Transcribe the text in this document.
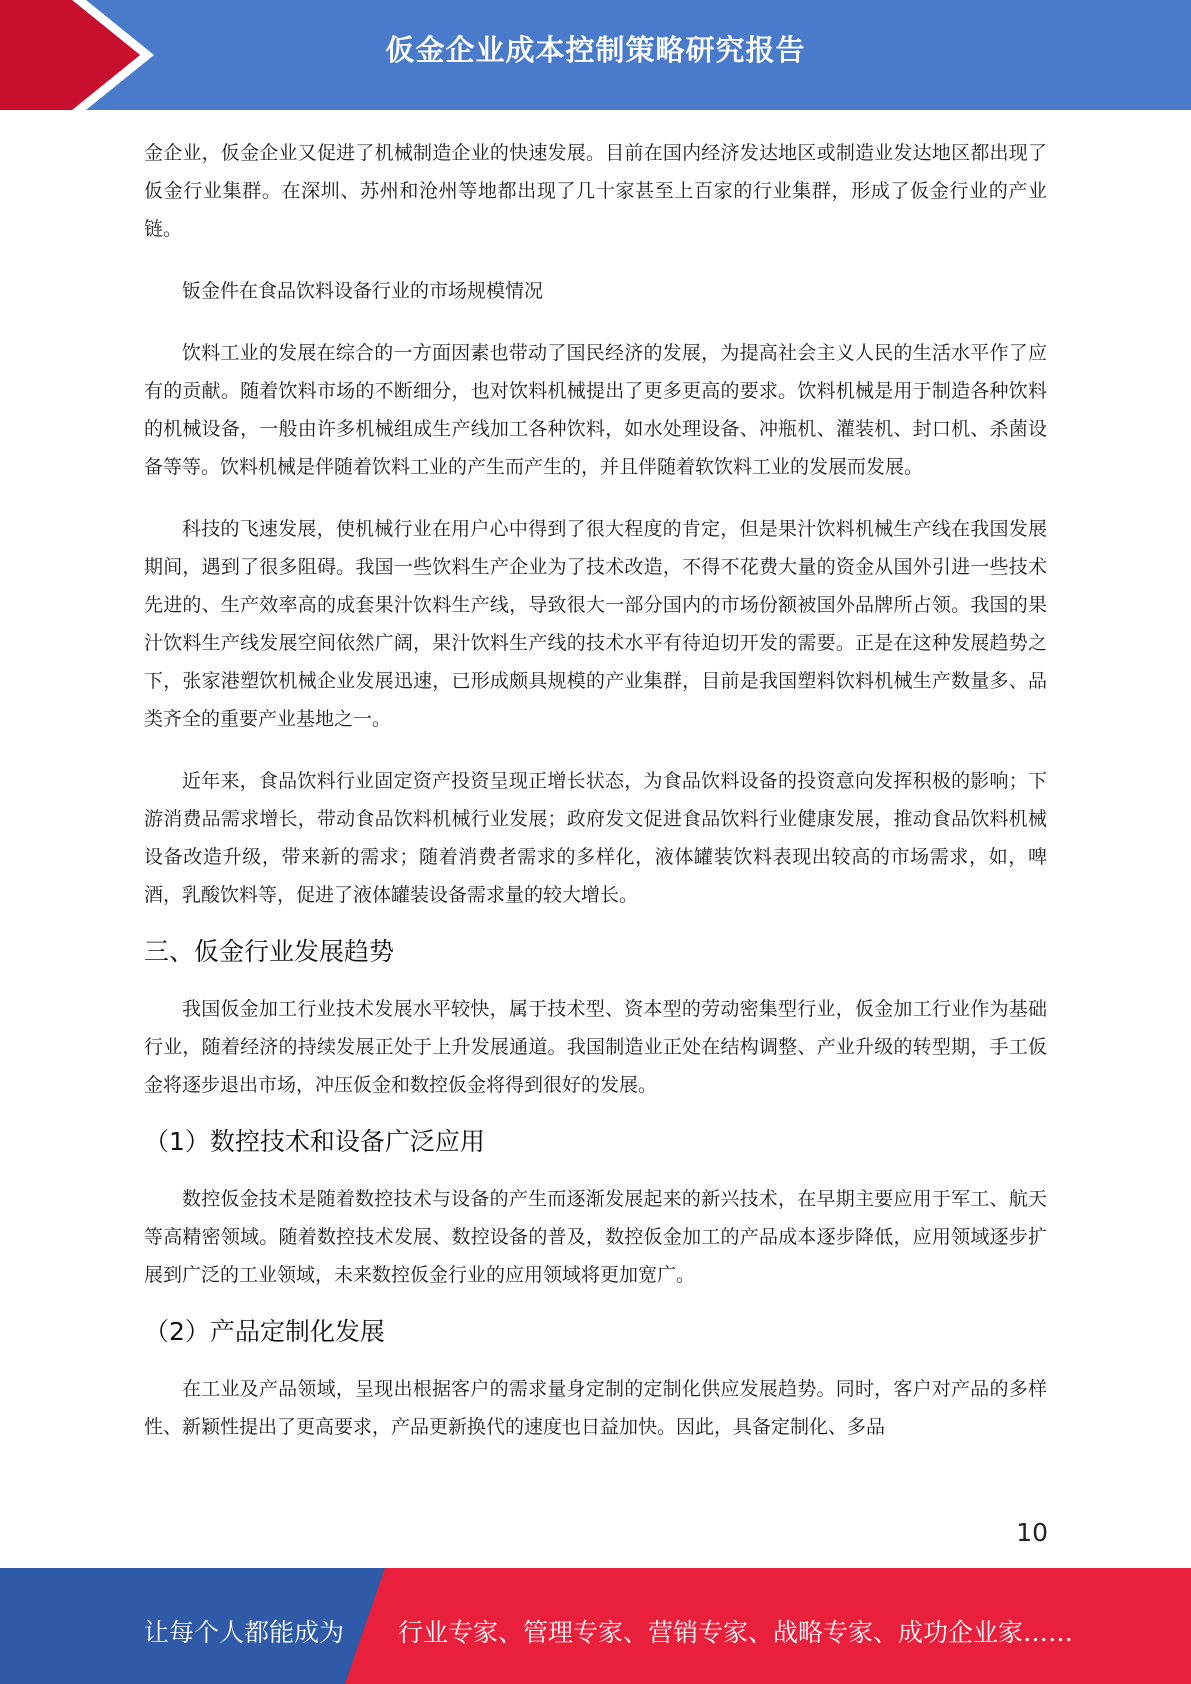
仮金企业成本控制策略研究报告

金企业，仮金企业又促进了机械制造企业的快速发展。目前在国内经济发达地区或制造业发达地区都出现了仮金行业集群。在深圳、苏州和沧州等地都出现了几十家甚至上百家的行业集群，形成了仮金行业的产业链。

钣金件在食品饮料设备行业的市场规模情况

饮料工业的发展在综合的一方面因素也带动了国民经济的发展，为提高社会主义人民的生活水平作了应有的贡献。随着饮料市场的不断细分，也对饮料机械提出了更多更高的要求。饮料机械是用于制造各种饮料的机械设备，一般由许多机械组成生产线加工各种饮料，如水处理设备、冲瓶机、灌装机、封口机、杀菌设备等等。饮料机械是伴随着饮料工业的产生而产生的，并且伴随着软饮料工业的发展而发展。

科技的飞速发展，使机械行业在用户心中得到了很大程度的肯定，但是果汁饮料机械生产线在我国发展期间，遇到了很多阻碍。我国一些饮料生产企业为了技术改造，不得不花费大量的资金从国外引进一些技术先进的、生产效率高的成套果汁饮料生产线，导致很大一部分国内的市场份额被国外品牌所占领。我国的果汁饮料生产线发展空间依然广阔，果汁饮料生产线的技术水平有待迫切开发的需要。正是在这种发展趋势之下，张家港塑饮机械企业发展迅速，已形成颇具规模的产业集群，目前是我国塑料饮料机械生产数量多、品类齐全的重要产业基地之一。

近年来，食品饮料行业固定资产投资呈现正增长状态，为食品饮料设备的投资意向发挥积极的影响；下游消费品需求增长，带动食品饮料机械行业发展；政府发文促进食品饮料行业健康发展，推动食品饮料机械设备改造升级，带来新的需求；随着消费者需求的多样化，液体罐装饮料表现出较高的市场需求，如，啤酒，乳酸饮料等，促进了液体罐装设备需求量的较大增长。

三、仮金行业发展趋势

我国仮金加工行业技术发展水平较快，属于技术型、资本型的劳动密集型行业，仮金加工行业作为基础行业，随着经济的持续发展正处于上升发展通道。我国制造业正处在结构调整、产业升级的转型期，手工仮金将逐步退出市场，冲压仮金和数控仮金将得到很好的发展。

（1）数控技术和设备广泛应用

数控仮金技术是随着数控技术与设备的产生而逐渐发展起来的新兴技术，在早期主要应用于军工、航天等高精密领域。随着数控技术发展、数控设备的普及，数控仮金加工的产品成本逐步降低，应用领域逐步扩展到广泛的工业领域，未来数控仮金行业的应用领域将更加宽广。

（2）产品定制化发展

在工业及产品领域，呈现出根据客户的需求量身定制的定制化供应发展趋势。同时，客户对产品的多样性、新颖性提出了更高要求，产品更新换代的速度也日益加快。因此，具备定制化、多品

10
让每个人都能成为 行业专家、管理专家、营销专家、战略专家、成功企业家……
